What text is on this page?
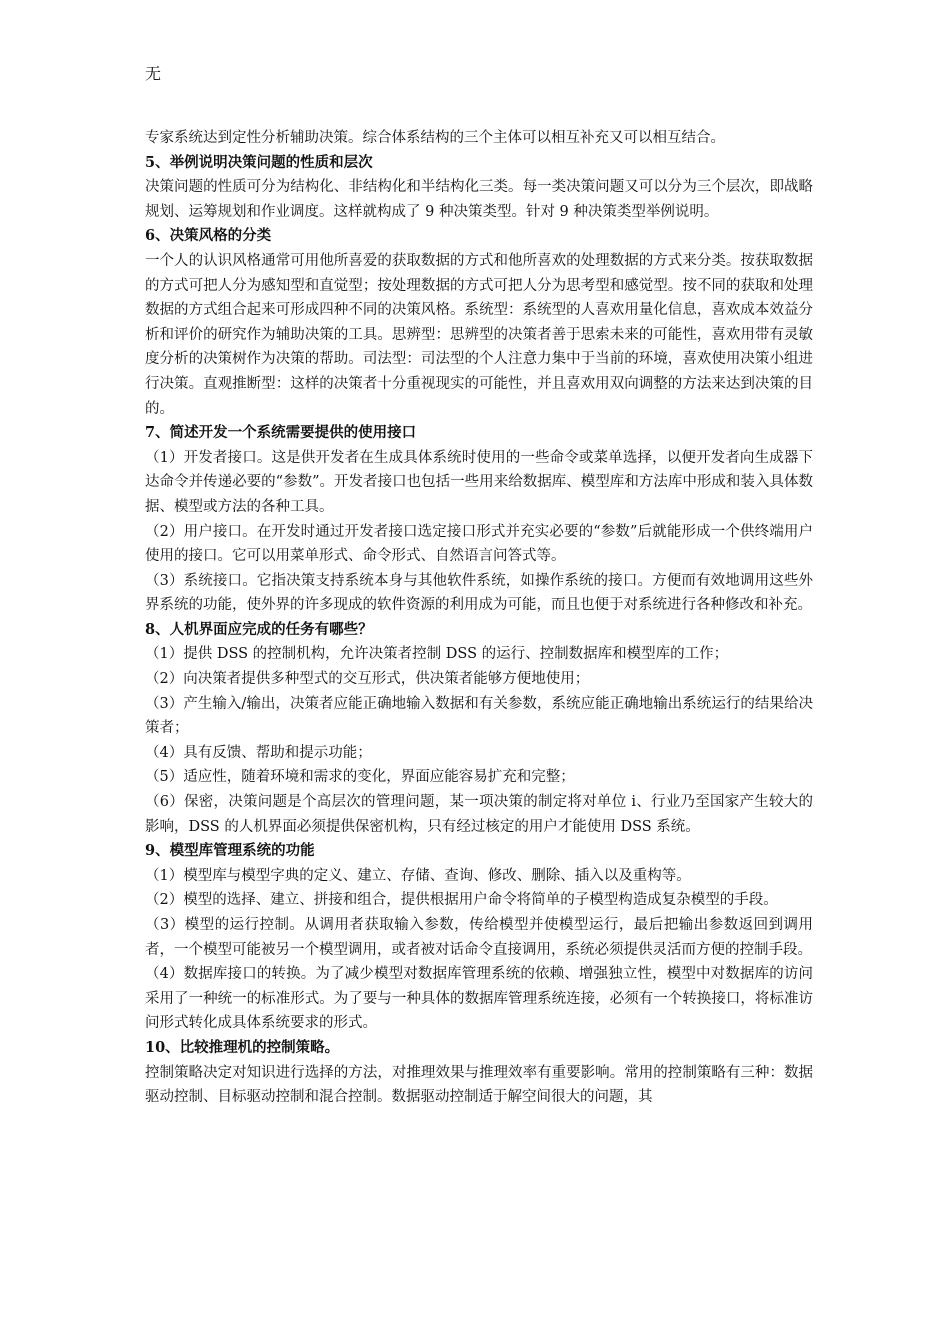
无

专家系统达到定性分析辅助决策。综合体系结构的三个主体可以相互补充又可以相互结合。

5、举例说明决策问题的性质和层次

决策问题的性质可分为结构化、非结构化和半结构化三类。每一类决策问题又可以分为三个层次，即战略规划、运筹规划和作业调度。这样就构成了 9 种决策类型。针对 9 种决策类型举例说明。

6、决策风格的分类

一个人的认识风格通常可用他所喜爱的获取数据的方式和他所喜欢的处理数据的方式来分类。按获取数据的方式可把人分为感知型和直觉型；按处理数据的方式可把人分为思考型和感觉型。按不同的获取和处理数据的方式组合起来可形成四种不同的决策风格。系统型：系统型的人喜欢用量化信息，喜欢成本效益分析和评价的研究作为辅助决策的工具。思辨型：思辨型的决策者善于思索未来的可能性，喜欢用带有灵敏度分析的决策树作为决策的帮助。司法型：司法型的个人注意力集中于当前的环境，喜欢使用决策小组进行决策。直观推断型：这样的决策者十分重视现实的可能性，并且喜欢用双向调整的方法来达到决策的目的。

7、简述开发一个系统需要提供的使用接口

（1）开发者接口。这是供开发者在生成具体系统时使用的一些命令或菜单选择，以便开发者向生成器下达命令并传递必要的“参数”。开发者接口也包括一些用来给数据库、模型库和方法库中形成和装入具体数据、模型或方法的各种工具。

（2）用户接口。在开发时通过开发者接口选定接口形式并充实必要的“参数”后就能形成一个供终端用户使用的接口。它可以用菜单形式、命令形式、自然语言问答式等。

（3）系统接口。它指决策支持系统本身与其他软件系统，如操作系统的接口。方便而有效地调用这些外界系统的功能，使外界的许多现成的软件资源的利用成为可能，而且也便于对系统进行各种修改和补充。

8、人机界面应完成的任务有哪些？

（1）提供 DSS 的控制机构，允许决策者控制 DSS 的运行、控制数据库和模型库的工作；

（2）向决策者提供多种型式的交互形式，供决策者能够方便地使用；

（3）产生输入/输出，决策者应能正确地输入数据和有关参数，系统应能正确地输出系统运行的结果给决策者；

（4）具有反馈、帮助和提示功能；

（5）适应性，随着环境和需求的变化，界面应能容易扩充和完整；

（6）保密，决策问题是个高层次的管理问题，某一项决策的制定将对单位 i、行业乃至国家产生较大的影响，DSS 的人机界面必须提供保密机构，只有经过核定的用户才能使用 DSS 系统。

9、模型库管理系统的功能

（1）模型库与模型字典的定义、建立、存储、查询、修改、删除、插入以及重构等。

（2）模型的选择、建立、拼接和组合，提供根据用户命令将简单的子模型构造成复杂模型的手段。

（3）模型的运行控制。从调用者获取输入参数，传给模型并使模型运行，最后把输出参数返回到调用者，一个模型可能被另一个模型调用，或者被对话命令直接调用，系统必须提供灵活而方便的控制手段。

（4）数据库接口的转换。为了减少模型对数据库管理系统的依赖、增强独立性，模型中对数据库的访问采用了一种统一的标准形式。为了要与一种具体的数据库管理系统连接，必须有一个转换接口，将标准访问形式转化成具体系统要求的形式。

10、比较推理机的控制策略。

控制策略决定对知识进行选择的方法，对推理效果与推理效率有重要影响。常用的控制策略有三种：数据驱动控制、目标驱动控制和混合控制。数据驱动控制适于解空间很大的问题，其
